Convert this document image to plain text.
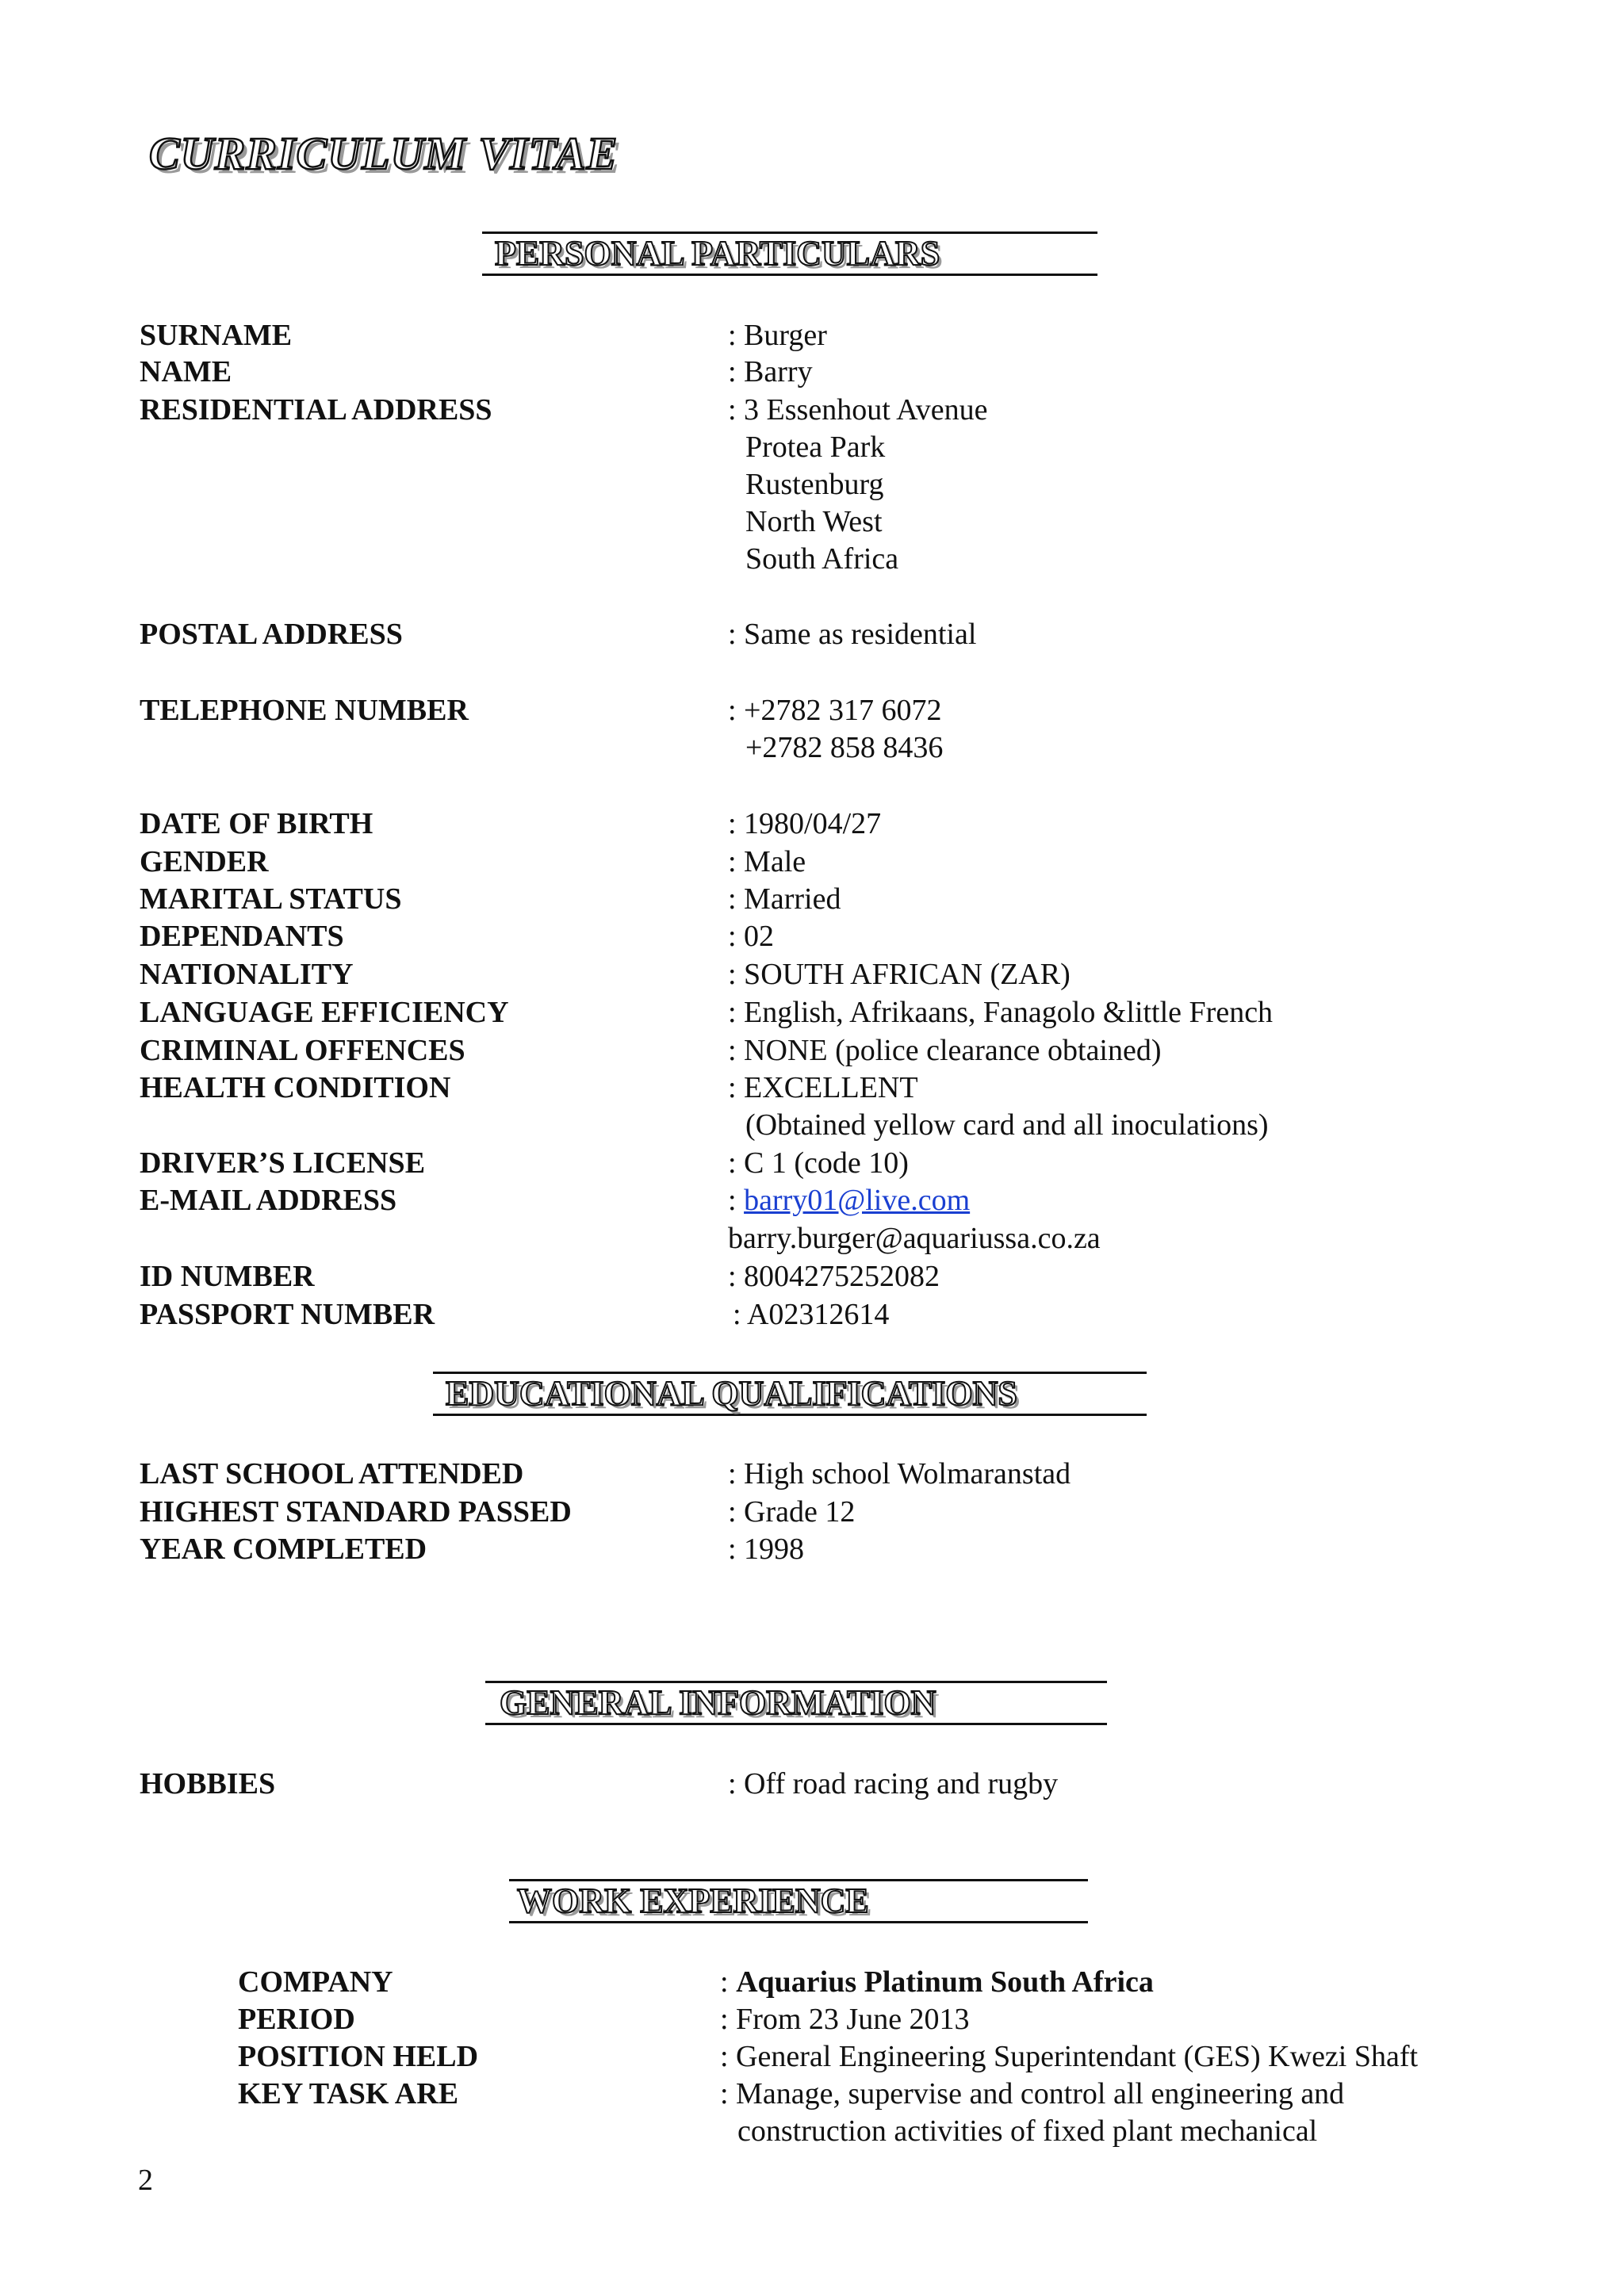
CURRICULUM VITAE
PERSONAL PARTICULARS
SURNAME	: Burger
NAME	: Barry
RESIDENTIAL ADDRESS	: 3 Essenhout Avenue
Protea Park
Rustenburg
North West
South Africa
POSTAL ADDRESS	: Same as residential
TELEPHONE NUMBER	: +2782 317 6072
+2782 858 8436
DATE OF BIRTH	: 1980/04/27
GENDER	: Male
MARITAL STATUS	: Married
DEPENDANTS	: 02
NATIONALITY	: SOUTH AFRICAN (ZAR)
LANGUAGE EFFICIENCY	: English, Afrikaans, Fanagolo &little French
CRIMINAL OFFENCES	: NONE (police clearance obtained)
HEALTH CONDITION	: EXCELLENT
(Obtained yellow card and all inoculations)
DRIVER’S LICENSE	: C 1 (code 10)
E-MAIL ADDRESS	: barry01@live.com
barry.burger@aquariussa.co.za
ID NUMBER	: 8004275252082
PASSPORT NUMBER	: A02312614
EDUCATIONAL QUALIFICATIONS
LAST SCHOOL ATTENDED	: High school Wolmaranstad
HIGHEST STANDARD PASSED	: Grade 12
YEAR COMPLETED	: 1998
GENERAL INFORMATION
HOBBIES	: Off road racing and rugby
WORK EXPERIENCE
COMPANY	: Aquarius Platinum South Africa
PERIOD	: From 23 June 2013
POSITION HELD	: General Engineering Superintendant (GES) Kwezi Shaft
KEY TASK ARE	: Manage, supervise and control all engineering and
construction activities of fixed plant mechanical
2
